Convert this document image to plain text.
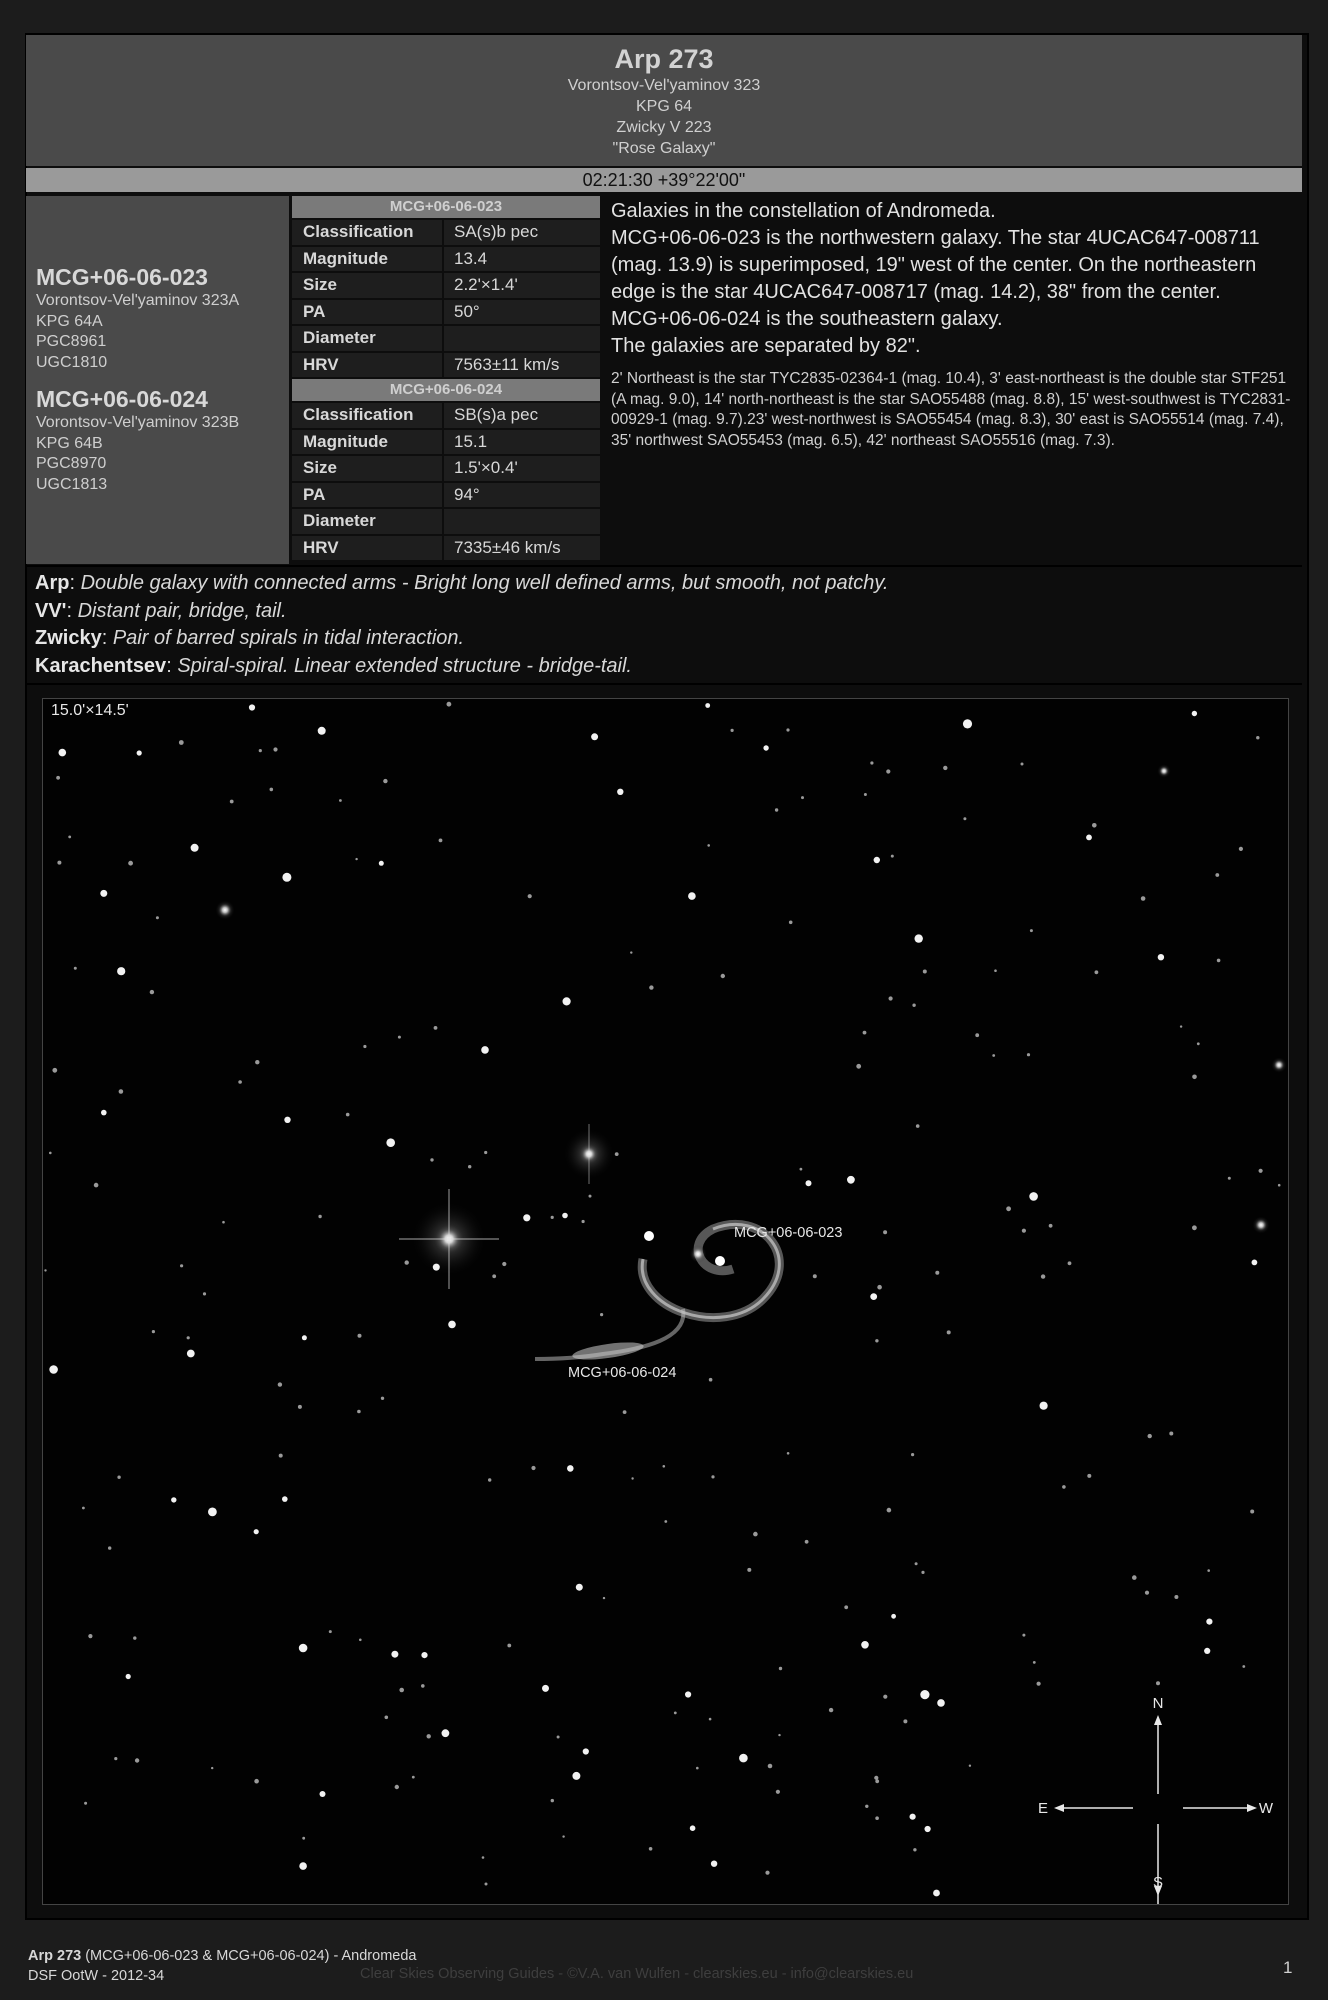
Arp 273
Vorontsov-Vel'yaminov 323
KPG 64
Zwicky V 223
"Rose Galaxy"
02:21:30 +39°22'00"
MCG+06-06-023
Vorontsov-Vel'yaminov 323A
KPG 64A
PGC8961
UGC1810
MCG+06-06-024
Vorontsov-Vel'yaminov 323B
KPG 64B
PGC8970
UGC1813
MCG+06-06-023
Classification	SA(s)b pec
Magnitude	13.4
Size	2.2'×1.4'
PA	50°
Diameter
HRV	7563±11 km/s
MCG+06-06-024
Classification	SB(s)a pec
Magnitude	15.1
Size	1.5'×0.4'
PA	94°
Diameter
HRV	7335±46 km/s

Galaxies in the constellation of Andromeda.

MCG+06-06-023 is the northwestern galaxy. The star 4UCAC647-008711 (mag. 13.9) is superimposed, 19" west of the center. On the northeastern edge is the star 4UCAC647-008717 (mag. 14.2), 38" from the center.

MCG+06-06-024 is the southeastern galaxy.

The galaxies are separated by 82".

2' Northeast is the star TYC2835-02364-1 (mag. 10.4), 3' east-northeast is the double star STF251 (A mag. 9.0), 14' north-northeast is the star SAO55488 (mag. 8.8), 15' west-southwest is TYC2831-00929-1 (mag. 9.7).23' west-northwest is SAO55454 (mag. 8.3), 30' east is SAO55514 (mag. 7.4), 35' northwest SAO55453 (mag. 6.5), 42' northeast SAO55516 (mag. 7.3).

Arp: Double galaxy with connected arms - Bright long well defined arms, but smooth, not patchy.
VV': Distant pair, bridge, tail.
Zwicky: Pair of barred spirals in tidal interaction.
Karachentsev: Spiral-spiral. Linear extended structure - bridge-tail.
N
S
E	W
15.0'×14.5'
MCG+06-06-023
MCG+06-06-024
Arp 273 (MCG+06-06-023 & MCG+06-06-024) - Andromeda
DSF OotW - 2012-34	Clear Skies Observing Guides - ©V.A. van Wulfen - clearskies.eu - info@clearskies.eu	1
